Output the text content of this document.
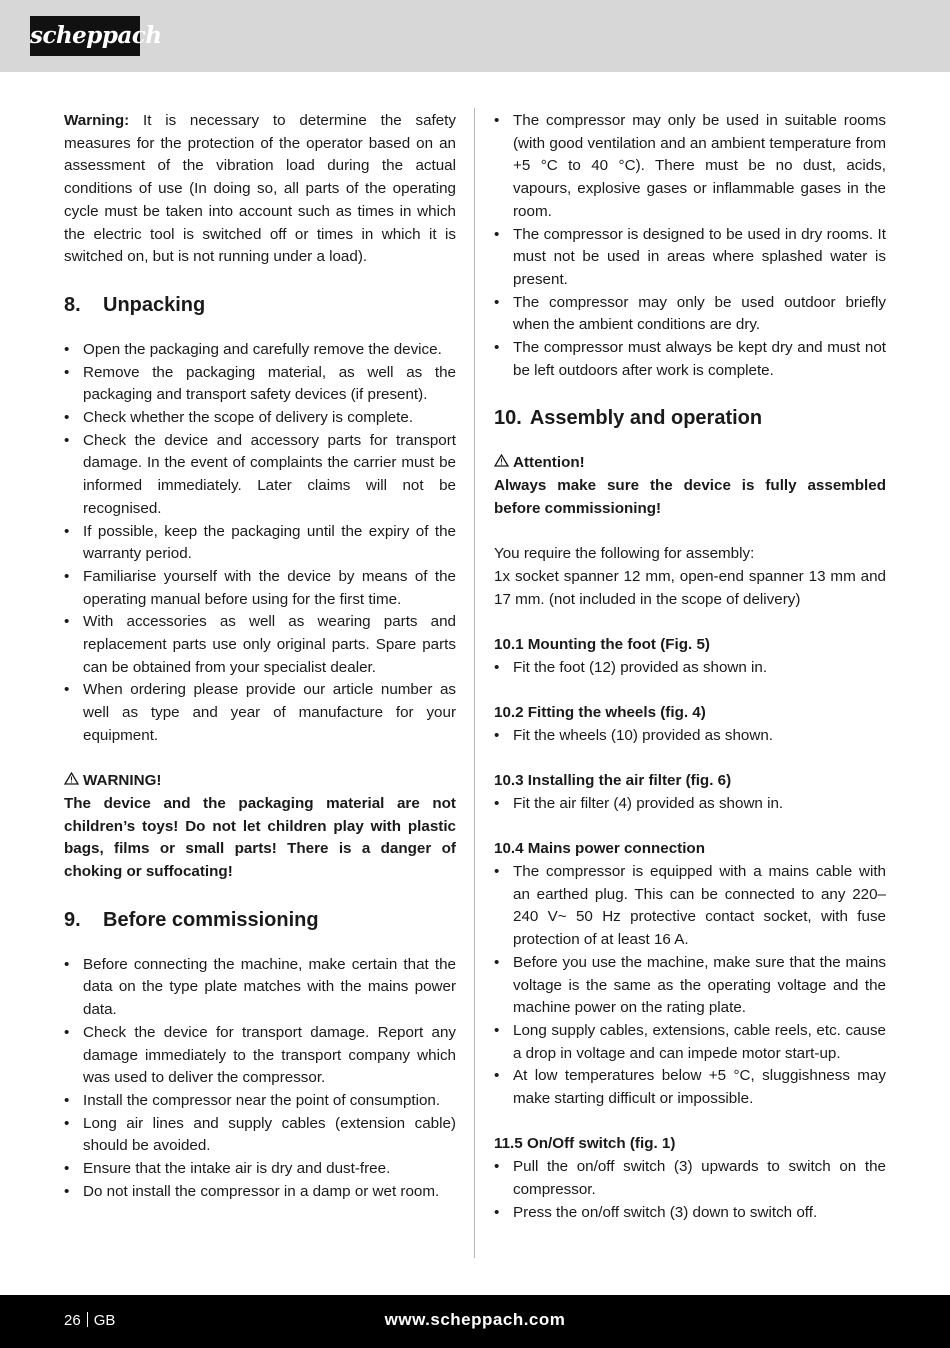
scheppach

Warning: It is necessary to determine the safety measures for the protection of the operator based on an assessment of the vibration load during the actual conditions of use (In doing so, all parts of the operating cycle must be taken into account such as times in which the electric tool is switched off or times in which it is switched on, but is not running under a load).

8. Unpacking
• Open the packaging and carefully remove the device.
• Remove the packaging material, as well as the packaging and transport safety devices (if present).
• Check whether the scope of delivery is complete.
• Check the device and accessory parts for transport damage. In the event of complaints the carrier must be informed immediately. Later claims will not be recognised.
• If possible, keep the packaging until the expiry of the warranty period.
• Familiarise yourself with the device by means of the operating manual before using for the first time.
• With accessories as well as wearing parts and replacement parts use only original parts. Spare parts can be obtained from your specialist dealer.
• When ordering please provide our article number as well as type and year of manufacture for your equipment.
WARNING!

The device and the packaging material are not children’s toys! Do not let children play with plastic bags, films or small parts! There is a danger of choking or suffocating!

9. Before commissioning
• Before connecting the machine, make certain that the data on the type plate matches with the mains power data.
• Check the device for transport damage. Report any damage immediately to the transport company which was used to deliver the compressor.
• Install the compressor near the point of consumption.
• Long air lines and supply cables (extension cable) should be avoided.
• Ensure that the intake air is dry and dust-free.
• Do not install the compressor in a damp or wet room.
• The compressor may only be used in suitable rooms (with good ventilation and an ambient temperature from +5 °C to 40 °C). There must be no dust, acids, vapours, explosive gases or inflammable gases in the room.
• The compressor is designed to be used in dry rooms. It must not be used in areas where splashed water is present.
• The compressor may only be used outdoor briefly when the ambient conditions are dry.
• The compressor must always be kept dry and must not be left outdoors after work is complete.
10. Assembly and operation
Attention!

Always make sure the device is fully assembled before commissioning!

You require the following for assembly:

1x socket spanner 12 mm, open-end spanner 13 mm and 17 mm. (not included in the scope of delivery)

10.1 Mounting the foot (Fig. 5)
• Fit the foot (12) provided as shown in.
10.2 Fitting the wheels (fig. 4)
• Fit the wheels (10) provided as shown.
10.3 Installing the air filter (fig. 6)
• Fit the air filter (4) provided as shown in.
10.4 Mains power connection
• The compressor is equipped with a mains cable with an earthed plug. This can be connected to any 220–240 V~ 50 Hz protective contact socket, with fuse protection of at least 16 A.
• Before you use the machine, make sure that the mains voltage is the same as the operating voltage and the machine power on the rating plate.
• Long supply cables, extensions, cable reels, etc. cause a drop in voltage and can impede motor start-up.
• At low temperatures below +5 °C, sluggishness may make starting difficult or impossible.
11.5 On/Off switch (fig. 1)
• Pull the on/off switch (3) upwards to switch on the compressor.
• Press the on/off switch (3) down to switch off.
26 GB	www.scheppach.com
